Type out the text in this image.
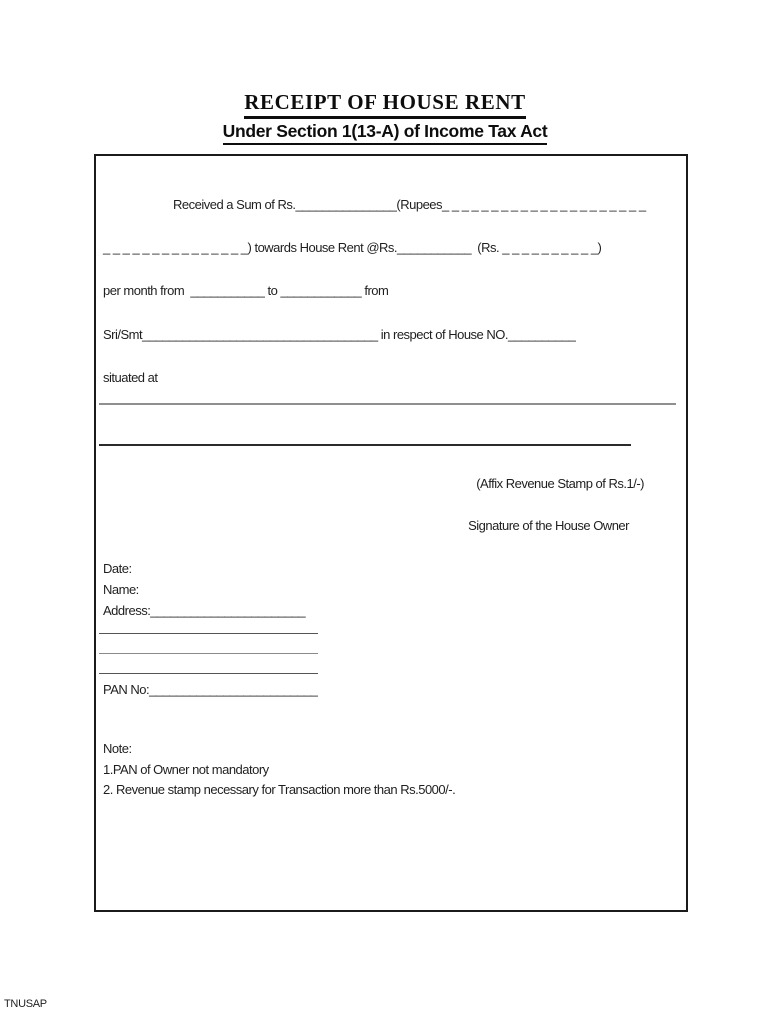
RECEIPT OF HOUSE RENT
Under Section 1(13-A) of Income Tax Act

Received a Sum of Rs._______________(Rupees_ _ _ _ _ _ _ _ _ _ _ _ _ _ _ _ _ _ _ _ _

_ _ _ _ _ _ _ _ _ _ _ _ _ _ _) towards House Rent @Rs.___________  (Rs. _ _ _ _ _ _ _ _ _ _)

per month from  ___________ to ____________ from

Sri/Smt___________________________________ in respect of House NO.__________

situated at

(Affix Revenue Stamp of Rs.1/-)

Signature of the House Owner

Date:

Name:

Address:_______________________

PAN No:_________________________

Note:

1.PAN of Owner not mandatory

2. Revenue stamp necessary for Transaction more than Rs.5000/-.

TNUSAP
